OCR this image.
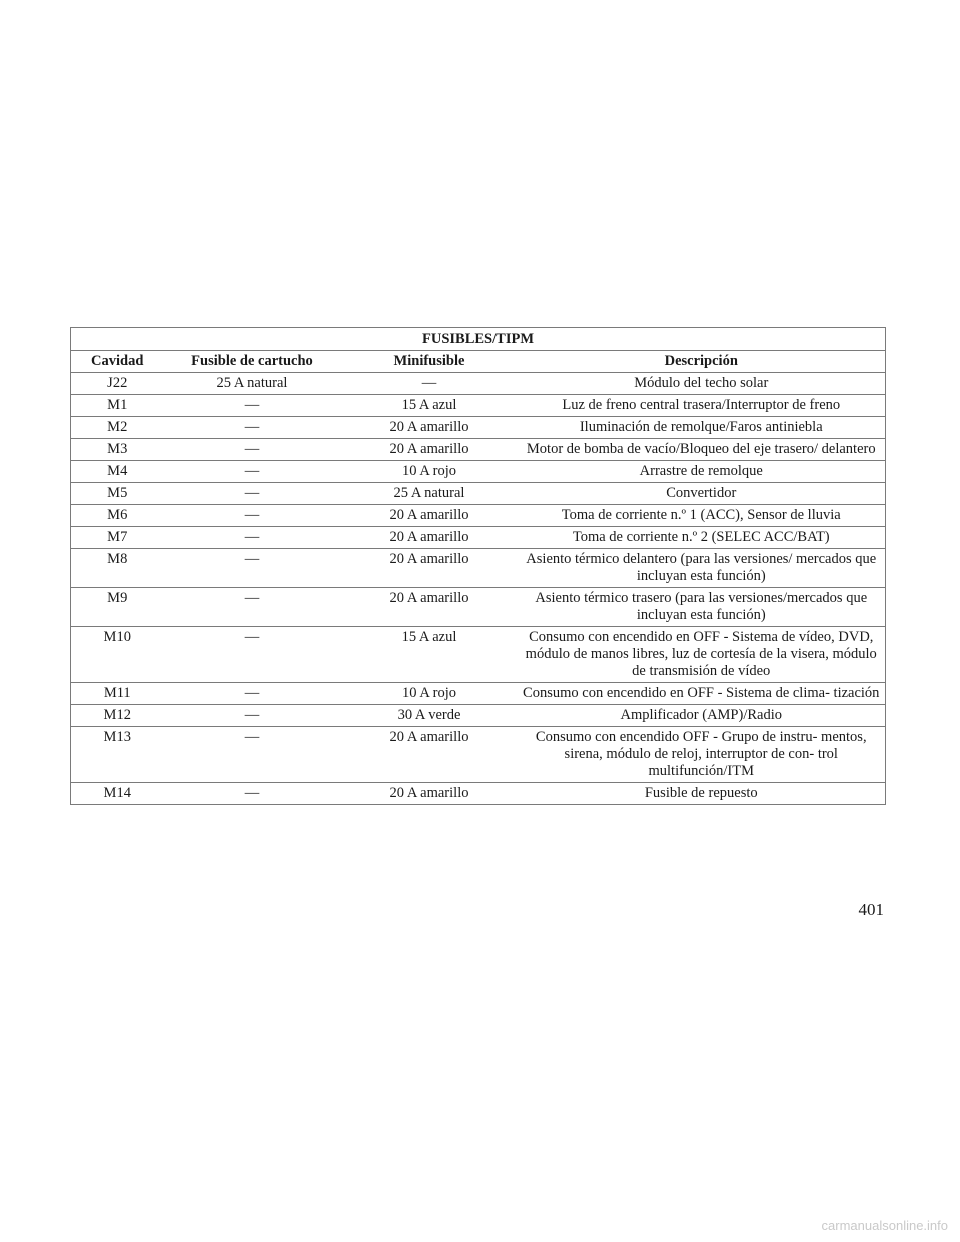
FUSIBLES/TIPM			
Cavidad	Fusible de cartucho	Minifusible	Descripción
J22	25 A natural	—	Módulo del techo solar
M1	—	15 A azul	Luz de freno central trasera/Interruptor de freno
M2	—	20 A amarillo	Iluminación de remolque/Faros antiniebla
M3	—	20 A amarillo	Motor de bomba de vacío/Bloqueo del eje trasero/ delantero
M4	—	10 A rojo	Arrastre de remolque
M5	—	25 A natural	Convertidor
M6	—	20 A amarillo	Toma de corriente n.º 1 (ACC), Sensor de lluvia
M7	—	20 A amarillo	Toma de corriente n.º 2 (SELEC ACC/BAT)
M8	—	20 A amarillo	Asiento térmico delantero (para las versiones/ mercados que incluyan esta función)
M9	—	20 A amarillo	Asiento térmico trasero (para las versiones/mercados que incluyan esta función)
M10	—	15 A azul	Consumo con encendido en OFF - Sistema de vídeo, DVD, módulo de manos libres, luz de cortesía de la visera, módulo de transmisión de vídeo
M11	—	10 A rojo	Consumo con encendido en OFF - Sistema de clima- tización
M12	—	30 A verde	Amplificador (AMP)/Radio
M13	—	20 A amarillo	Consumo con encendido OFF - Grupo de instru- mentos, sirena, módulo de reloj, interruptor de con- trol multifunción/ITM
M14	—	20 A amarillo	Fusible de repuesto
401
carmanualsonline.info
